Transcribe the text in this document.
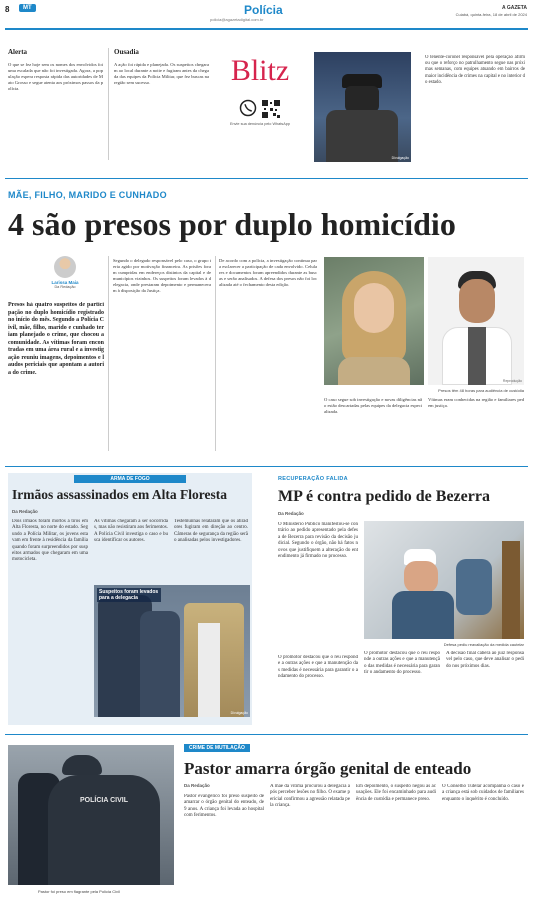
8	MT	Polícia
policia@agazetadigital.com.br
A GAZETA
Cuiabá, quinta-feira, 18 de abril de 2024
Alerta
O que se fez hoje sem os nomes dos envolvidos foi uma escalada que não foi investigada. Agora, a população espera resposta rápida das autoridades de Mato Grosso e segue atenta aos próximos passos da polícia.
Ousadia
A ação foi rápida e planejada. Os suspeitos chegaram ao local durante a noite e fugiram antes da chegada das equipes da Polícia Militar, que fez buscas na região sem sucesso.	Blitz
Envie sua denúncia pelo WhatsApp
Divulgação
O tenente-coronel responsável pela operação afirmou que o reforço no patrulhamento segue nas próximas semanas, com equipes atuando em bairros de maior incidência de crimes na capital e no interior do estado.
MÃE, FILHO, MARIDO E CUNHADO
4 são presos por duplo homicídio
Larissa Maia
Da Redação
Presos há quatro suspeitos de participação no duplo homicídio registrado no início do mês. Segundo a Polícia Civil, mãe, filho, marido e cunhado teriam planejado o crime, que chocou a comunidade. As vítimas foram encontradas em uma área rural e a investigação reuniu imagens, depoimentos e laudos periciais que apontam a autoria do crime.
Segundo o delegado responsável pelo caso, o grupo teria agido por motivação financeira. As prisões foram cumpridas em endereços distintos da capital e de municípios vizinhos. Os suspeitos foram levados à delegacia, onde prestaram depoimento e permaneceram à disposição da Justiça.
De acordo com a polícia, a investigação continua para esclarecer a participação de cada envolvido. Celulares e documentos foram apreendidos durante as buscas e serão analisados. A defesa dos presos não foi localizada até o fechamento desta edição.
Reprodução
Presos têm 48 horas para audiência de custódia
O caso segue sob investigação e novas diligências não estão descartadas pelas equipes da delegacia especializada.
Vítimas eram conhecidas na região e familiares pedem justiça.
ARMA DE FOGO
Irmãos assassinados em Alta Floresta
Da Redação
Dois irmãos foram mortos a tiros em Alta Floresta, no norte do estado. Segundo a Polícia Militar, os jovens estavam em frente à residência da família quando foram surpreendidos por suspeitos armados que chegaram em uma motocicleta.
As vítimas chegaram a ser socorridas, mas não resistiram aos ferimentos. A Polícia Civil investiga o caso e busca identificar os autores.
Testemunhas relataram que os atiradores fugiram em direção ao centro. Câmeras de segurança da região serão analisadas pelos investigadores.
Suspeitos foram levados para a delegacia
Divulgação
RECUPERAÇÃO FALIDA
MP é contra pedido de Bezerra
Da Redação
O Ministério Público manifestou-se contrário ao pedido apresentado pela defesa de Bezerra para revisão da decisão judicial. Segundo o órgão, não há fatos novos que justifiquem a alteração do entendimento já firmado no processo.
Defesa pediu reavaliação da medida cautelar
O promotor destacou que o réu responde a outras ações e que a manutenção das medidas é necessária para garantir o andamento do processo.
A decisão final caberá ao juiz responsável pelo caso, que deve analisar o pedido nos próximos dias.
O promotor destacou que o réu responde a outras ações e que a manutenção das medidas é necessária para garantir o andamento do processo.
POLÍCIA CIVIL
Pastor foi preso em flagrante pela Polícia Civil
CRIME DE MUTILAÇÃO
Pastor amarra órgão genital de enteado
Da Redação
Pastor evangélico foi preso suspeito de amarrar o órgão genital do enteado, de 9 anos. A criança foi levada ao hospital com ferimentos.
A mãe da vítima procurou a delegacia após perceber lesões no filho. O exame pericial confirmou a agressão relatada pela criança.
Em depoimento, o suspeito negou as acusações. Ele foi encaminhado para audiência de custódia e permanece preso.
O Conselho Tutelar acompanha o caso e a criança está sob cuidados de familiares enquanto o inquérito é concluído.
